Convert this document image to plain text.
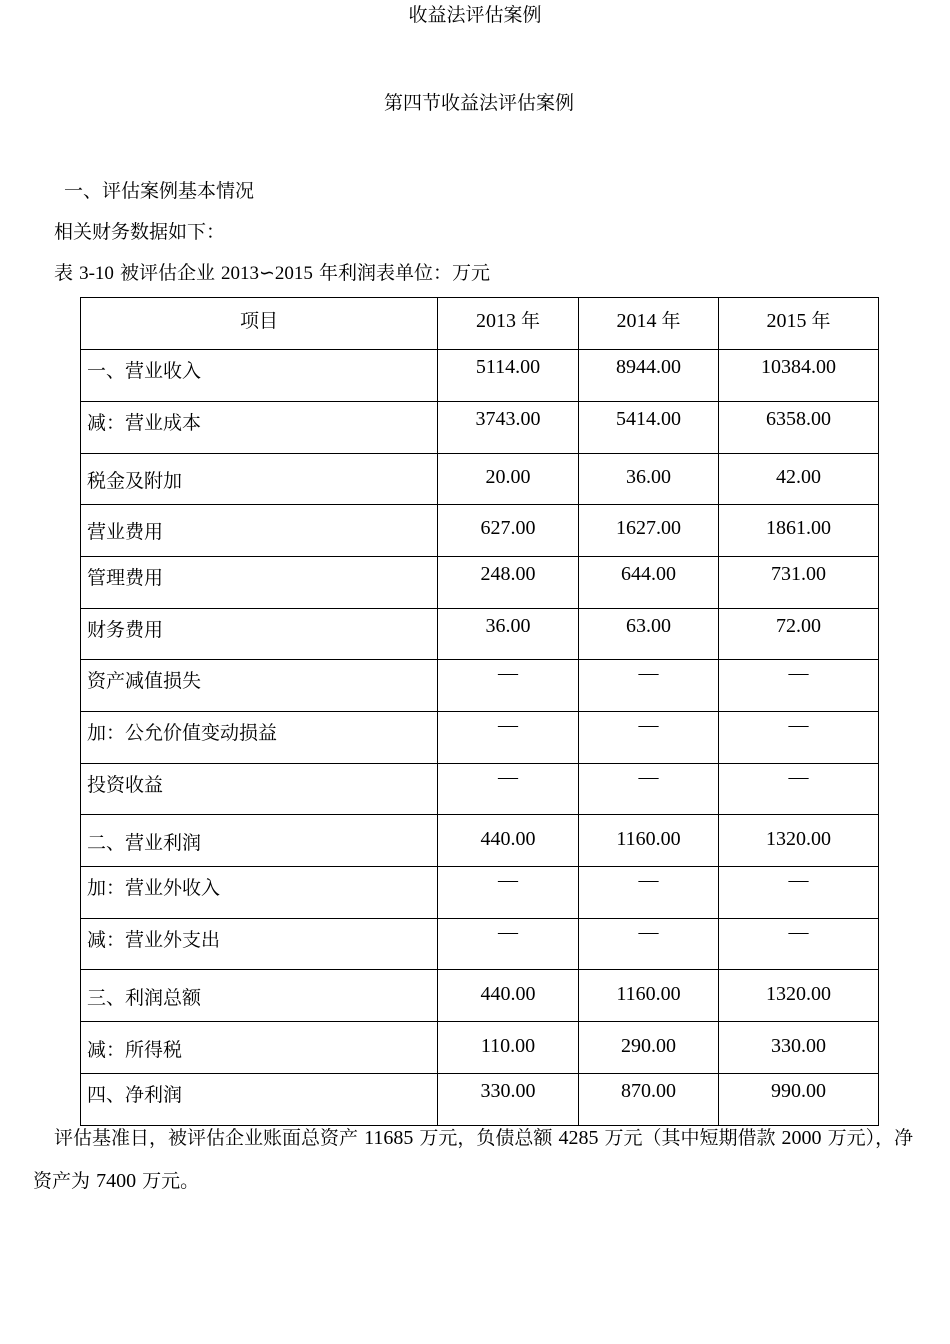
收益法评估案例
第四节收益法评估案例
一、评估案例基本情况
相关财务数据如下：
表 3-10 被评估企业 2013∽2015 年利润表单位：万元
项目	2013 年	2014 年	2015 年
一、营业收入	5114.00	8944.00	10384.00
减：营业成本	3743.00	5414.00	6358.00
税金及附加	20.00	36.00	42.00
营业费用	627.00	1627.00	1861.00
管理费用	248.00	644.00	731.00
财务费用	36.00	63.00	72.00
资产减值损失	—	—	—
加：公允价值变动损益	—	—	—
投资收益	—	—	—
二、营业利润	440.00	1160.00	1320.00
加：营业外收入	—	—	—
减：营业外支出	—	—	—
三、利润总额	440.00	1160.00	1320.00
减：所得税	110.00	290.00	330.00
四、净利润	330.00	870.00	990.00
评估基准日，被评估企业账面总资产 11685 万元，负债总额 4285 万元（其中短期借款 2000 万元），净资产为 7400 万元。
